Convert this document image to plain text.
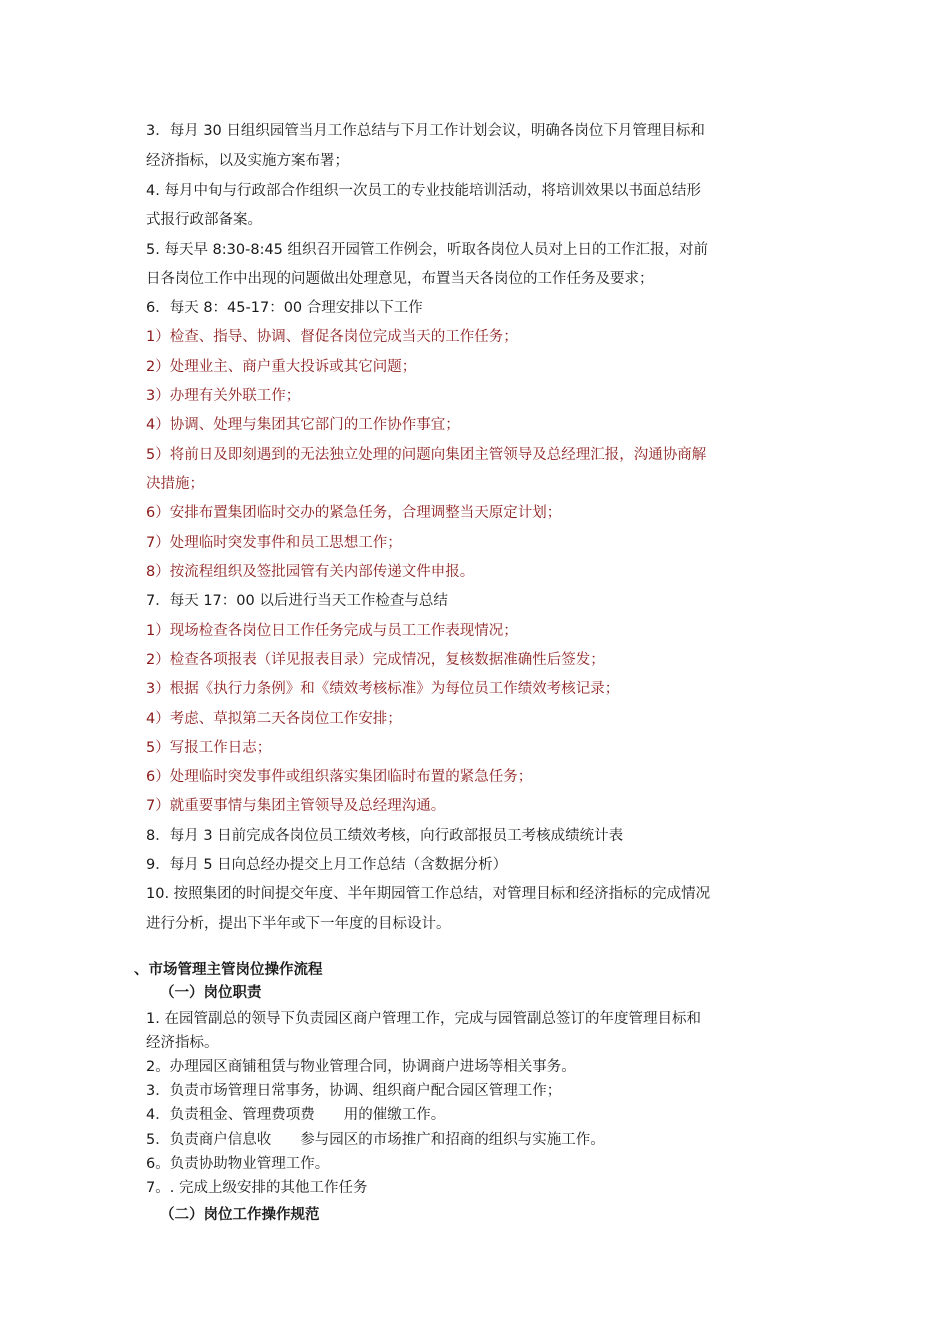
3．每月 30 日组织园管当月工作总结与下月工作计划会议，明确各岗位下月管理目标和
经济指标，以及实施方案布署；
4. 每月中旬与行政部合作组织一次员工的专业技能培训活动，将培训效果以书面总结形
式报行政部备案。
5. 每天早 8:30-8:45 组织召开园管工作例会，听取各岗位人员对上日的工作汇报，对前
日各岗位工作中出现的问题做出处理意见，布置当天各岗位的工作任务及要求；
6．每天 8：45-17：00 合理安排以下工作
1）检查、指导、协调、督促各岗位完成当天的工作任务；
2）处理业主、商户重大投诉或其它问题；
3）办理有关外联工作；
4）协调、处理与集团其它部门的工作协作事宜；
5）将前日及即刻遇到的无法独立处理的问题向集团主管领导及总经理汇报，沟通协商解
决措施；
6）安排布置集团临时交办的紧急任务，合理调整当天原定计划；
7）处理临时突发事件和员工思想工作；
8）按流程组织及签批园管有关内部传递文件申报。
7．每天 17：00 以后进行当天工作检查与总结
1）现场检查各岗位日工作任务完成与员工工作表现情况；
2）检查各项报表（详见报表目录）完成情况，复核数据准确性后签发；
3）根据《执行力条例》和《绩效考核标准》为每位员工作绩效考核记录；
4）考虑、草拟第二天各岗位工作安排；
5）写报工作日志；
6）处理临时突发事件或组织落实集团临时布置的紧急任务；
7）就重要事情与集团主管领导及总经理沟通。
8．每月 3 日前完成各岗位员工绩效考核，向行政部报员工考核成绩统计表
9．每月 5 日向总经办提交上月工作总结（含数据分析）
10. 按照集团的时间提交年度、半年期园管工作总结，对管理目标和经济指标的完成情况
进行分析，提出下半年或下一年度的目标设计。
、市场管理主管岗位操作流程
（一）岗位职责
1. 在园管副总的领导下负责园区商户管理工作，完成与园管副总签订的年度管理目标和
经济指标。
2。办理园区商铺租赁与物业管理合同，协调商户进场等相关事务。
3．负责市场管理日常事务，协调、组织商户配合园区管理工作；
4．负责租金、管理费项费　　用的催缴工作。
5．负责商户信息收　　参与园区的市场推广和招商的组织与实施工作。
6。负责协助物业管理工作。
7。. 完成上级安排的其他工作任务
（二）岗位工作操作规范
